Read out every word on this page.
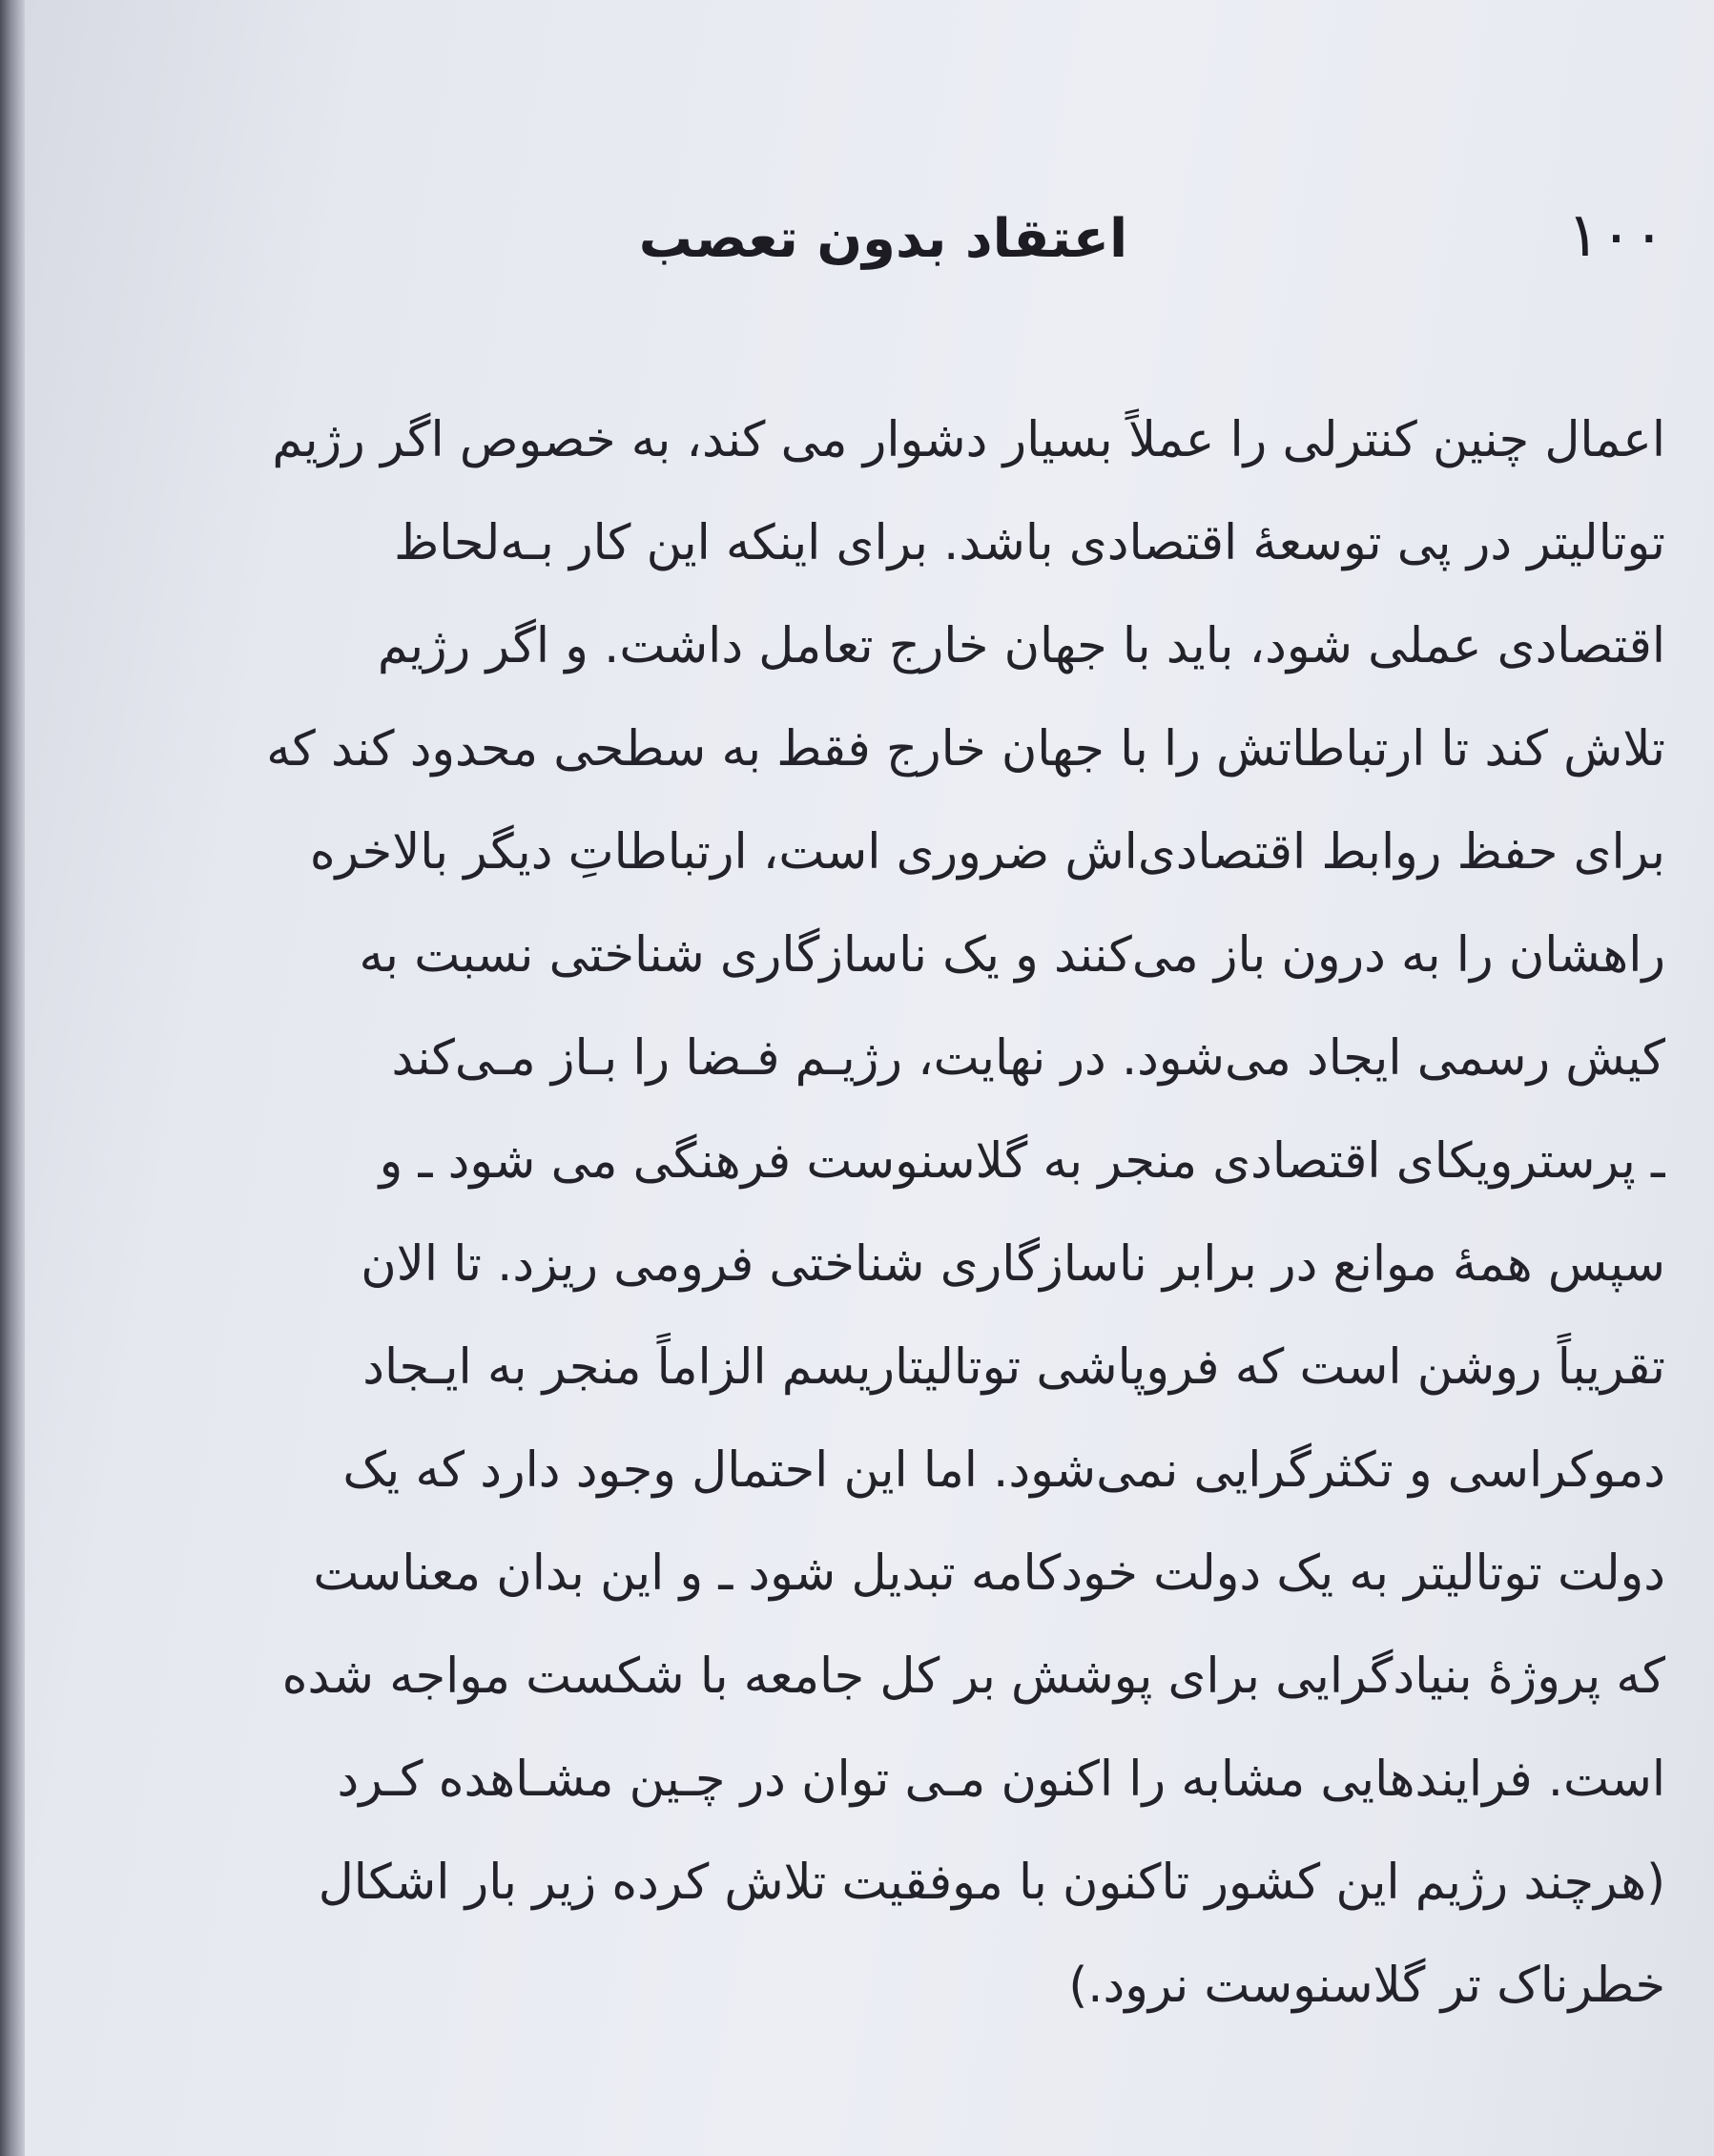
۱۰۰
اعتقاد بدون تعصب
اعمال چنین کنترلی را عملاً بسیار دشوار می کند، به خصوص اگر رژیم
توتالیتر در پی توسعهٔ اقتصادی باشد. برای اینکه این کار بـه‌لحاظ
اقتصادی عملی شود، باید با جهان خارج تعامل داشت. و اگر رژیم
تلاش کند تا ارتباطاتش را با جهان خارج فقط به سطحی محدود کند که
برای حفظ روابط اقتصادی‌اش ضروری است، ارتباطاتِ دیگر بالاخره
راهشان را به درون باز می‌کنند و یک ناسازگاری شناختی نسبت به
کیش رسمی ایجاد می‌شود. در نهایت، رژیـم فـضا را بـاز مـی‌کند
ـ پرسترویکای اقتصادی منجر به گلاسنوست فرهنگی می شود ـ و
سپس همهٔ موانع در برابر ناسازگاری شناختی فرومی ریزد. تا الان
تقریباً روشن است که فروپاشی توتالیتاریسم الزاماً منجر به ایـجاد
دموکراسی و تکثرگرایی نمی‌شود. اما این احتمال وجود دارد که یک
دولت توتالیتر به یک دولت خودکامه تبدیل شود ـ و این بدان معناست
که پروژهٔ بنیادگرایی برای پوشش بر کل جامعه با شکست مواجه شده
است. فرایندهایی مشابه را اکنون مـی توان در چـین مشـاهده کـرد
(هرچند رژیم این کشور تاکنون با موفقیت تلاش کرده زیر بار اشکال
خطرناک تر گلاسنوست نرود.)
